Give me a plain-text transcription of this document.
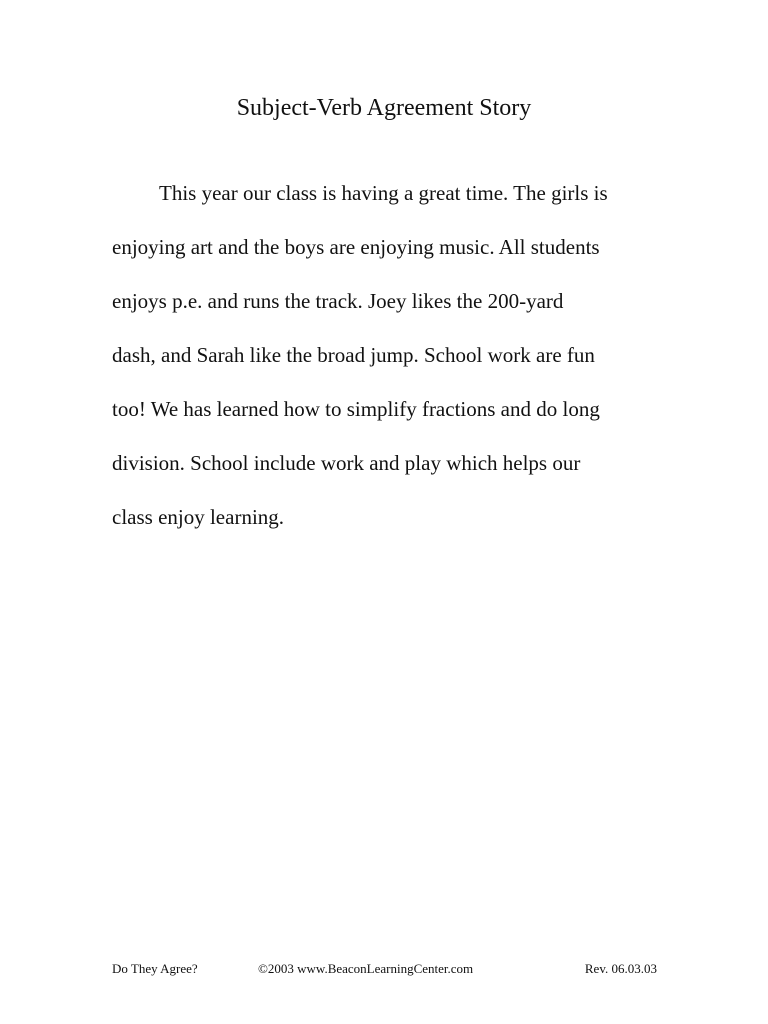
Subject-Verb Agreement Story
This year our class is having a great time. The girls is
enjoying art and the boys are enjoying music. All students
enjoys p.e. and runs the track. Joey likes the 200-yard
dash, and Sarah like the broad jump. School work are fun
too! We has learned how to simplify fractions and do long
division. School include work and play which helps our
class enjoy learning.
Do They Agree?	©2003 www.BeaconLearningCenter.com	Rev. 06.03.03
